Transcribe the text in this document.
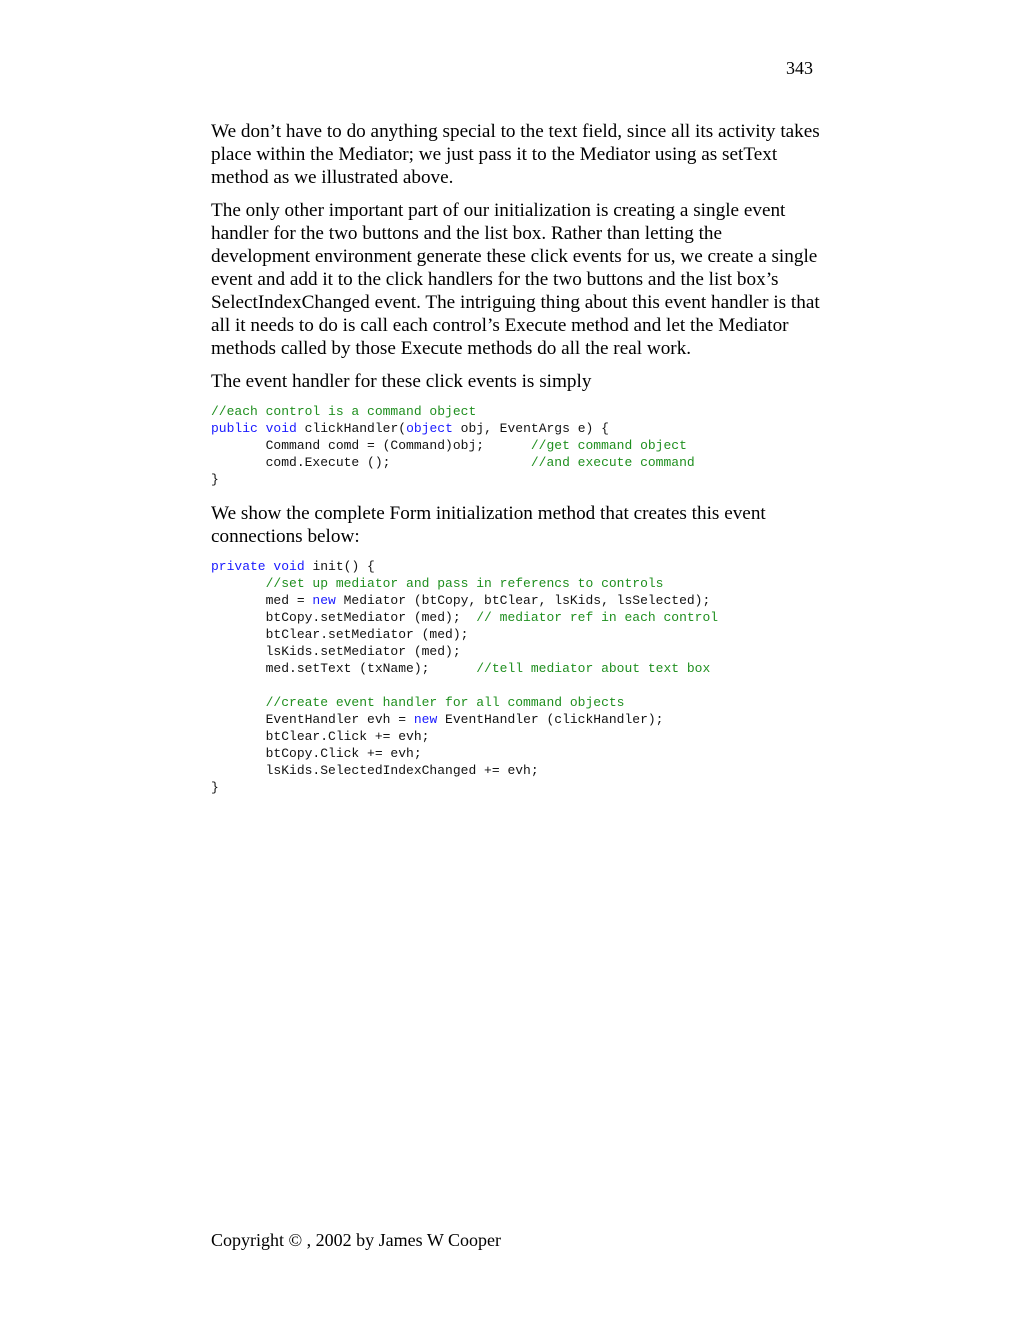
343

We don’t have to do anything special to the text field, since all its activity takes place within the Mediator; we just pass it to the Mediator using as setText method as we illustrated above.

The only other important part of our initialization is creating a single event handler for the two buttons and the list box. Rather than letting the development environment generate these click events for us, we create a single event and add it to the click handlers for the two buttons and the list box’s SelectIndexChanged event. The intriguing thing about this event handler is that all it needs to do is call each control’s Execute method and let the Mediator methods called by those Execute methods do all the real work.

The event handler for these click events is simply

//each control is a command object
public void clickHandler(object obj, EventArgs e) {
Command comd = (Command)obj;      //get command object
comd.Execute ();                  //and execute command
}

We show the complete Form initialization method that creates this event connections below:

private void init() {
//set up mediator and pass in referencs to controls
med = new Mediator (btCopy, btClear, lsKids, lsSelected);
btCopy.setMediator (med);  // mediator ref in each control
btClear.setMediator (med);
lsKids.setMediator (med);
med.setText (txName);      //tell mediator about text box

//create event handler for all command objects
EventHandler evh = new EventHandler (clickHandler);
btClear.Click += evh;
btCopy.Click += evh;
lsKids.SelectedIndexChanged += evh;
}
Copyright © , 2002 by James W Cooper
